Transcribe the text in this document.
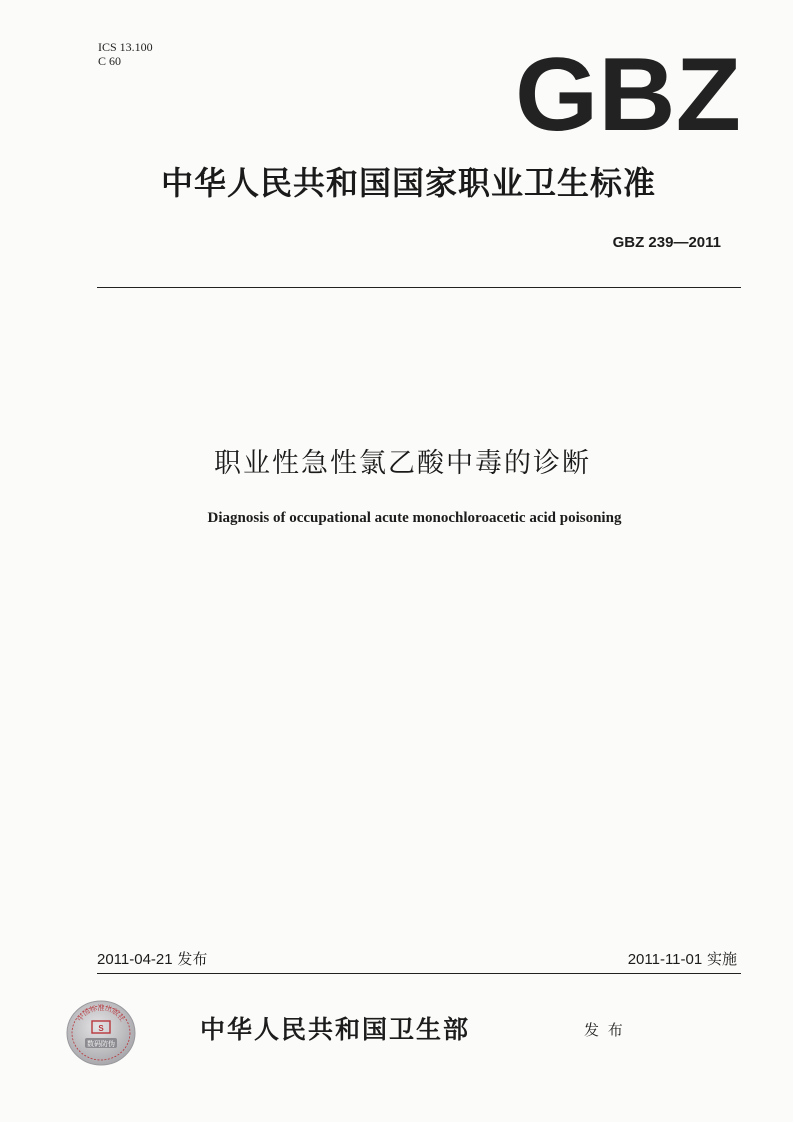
ICS 13.100
C 60	GBZ
中华人民共和国国家职业卫生标准
GBZ 239—2011
职业性急性氯乙酸中毒的诊断
Diagnosis of occupational acute monochloroacetic acid poisoning
2011-04-21 发布	2011-11-01 实施
中国标准出版社
S
数码防伪	中华人民共和国卫生部	发 布
